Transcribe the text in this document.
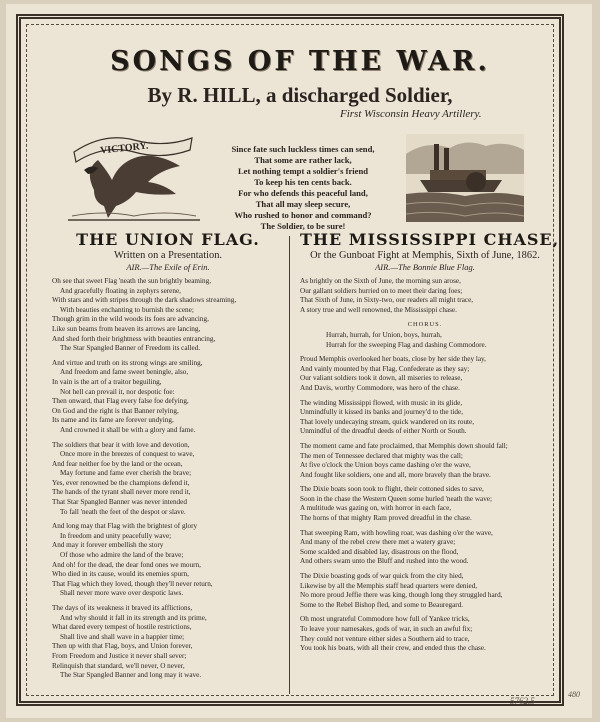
SONGS OF THE WAR.
By R. HILL, a discharged Soldier,
First Wisconsin Heavy Artillery.
VICTORY.	Since fate such luckless times can send,
That some are rather lack,
Let nothing tempt a soldier's friend
To keep his ten cents back.
For who defends this peaceful land,
That all may sleep secure,
Who rushed to honor and command?
The Soldier, to be sure!
THE UNION FLAG.
Written on a Presentation.
AIR.—The Exile of Erin.
Oh see that sweet Flag 'neath the sun brightly beaming,
And gracefully floating in zephyrs serene,
With stars and with stripes through the dark shadows streaming,
With beauties enchanting to burnish the scene;
Though grim in the wild woods its foes are advancing,
Like sun beams from heaven its arrows are lancing,
And shed forth their brightness with beauties entrancing,
The Star Spangled Banner of Freedom its called.
And virtue and truth on its strong wings are smiling,
And freedom and fame sweet beningle, also,
In vain is the art of a traitor beguiling,
Not hell can prevail it, nor despotic foe:
Then onward, that Flag every false foe defying,
On God and the right is that Banner relying,
Its name and its fame are forever undying,
And crowned it shall be with a glory and fame.
The soldiers that bear it with love and devotion,
Once more in the breezes of conquest to wave,
And fear neither foe by the land or the ocean,
May fortune and fame ever cherish the brave;
Yes, ever renowned be the champions defend it,
The hands of the tyrant shall never more rend it,
That Star Spangled Banner was never intended
To fall 'neath the feet of the despot or slave.
And long may that Flag with the brightest of glory
In freedom and unity peacefully wave;
And may it forever embellish the story
Of those who admire the land of the brave;
And oh! for the dead, the dear fond ones we mourn,
Who died in its cause, would its enemies spurn,
That Flag which they loved, though they'll never return,
Shall never more wave over despotic laws.
The days of its weakness it braved its afflictions,
And why should it fall in its strength and its prime,
What dared every tempest of hostile restrictions,
Shall live and shall wave in a happier time;
Then up with that Flag, boys, and Union forever,
From Freedom and Justice it never shall sever;
Relinquish that standard, we'll never, O never,
The Star Spangled Banner and long may it wave.
THE MISSISSIPPI CHASE,
Or the Gunboat Fight at Memphis, Sixth of June, 1862.
AIR.—The Bonnie Blue Flag.
As brightly on the Sixth of June, the morning sun arose,
Our gallant soldiers hurried on to meet their daring foes;
That Sixth of June, in Sixty-two, our readers all might trace,
A story true and well renowned, the Mississippi chase.
CHORUS.
Hurrah, hurrah, for Union, boys, hurrah,
Hurrah for the sweeping Flag and dashing Commodore.
Proud Memphis overlooked her boats, close by her side they lay,
And vainly mounted by that Flag, Confederate as they say;
Our valiant soldiers took it down, all miseries to release,
And Davis, worthy Commodore, was hero of the chase.
The winding Mississippi flowed, with music in its glide,
Unmindfully it kissed its banks and journey'd to the tide,
That lovely undecaying stream, quick wandered on its route,
Unmindful of the dreadful deeds of either North or South.
The moment came and fate proclaimed, that Memphis down should fall;
The men of Tennessee declared that mighty was the call;
At five o'clock the Union boys came dashing o'er the wave,
And fought like soldiers, one and all, more bravely than the brave.
The Dixie boats soon took to flight, their cottoned sides to save,
Soon in the chase the Western Queen some hurled 'neath the wave;
A multitude was gazing on, with horror in each face,
The horns of that mighty Ram proved dreadful in the chase.
That sweeping Ram, with howling roar, was dashing o'er the wave,
And many of the rebel crew there met a watery grave;
Some scalded and disabled lay, disastrous on the flood,
And others swam unto the Bluff and rushed into the wood.
The Dixie boasting gods of war quick from the city hied,
Likewise by all the Memphis staff head quarters were denied,
No more proud Jeffie there was king, though long they struggled hard,
Some to the Rebel Bishop fled, and some to Beauregard.
Oh most ungrateful Commodore how full of Yankee tricks,
To leave your namesakes, gods of war, in such an awful fix;
They could not venture either sides a Southern aid to trace,
You took his boats, with all their crew, and ended thus the chase.
5762.5
480
